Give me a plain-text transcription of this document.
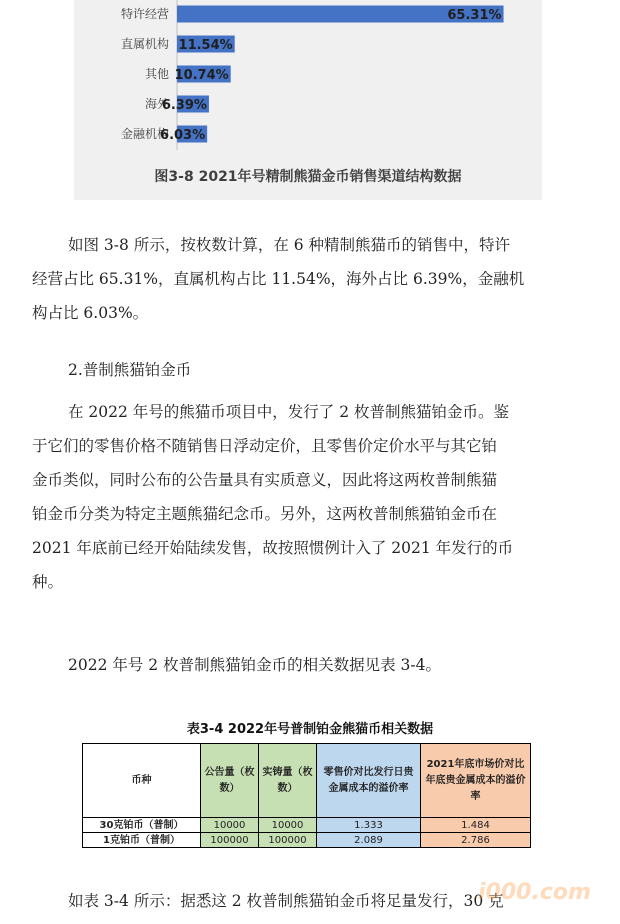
特许经营	65.31%
直属机构 11.54%
其他 10.74%
海外
6.39%
金融机构
6.03%
图3-8 2021年号精制熊猫金币销售渠道结构数据
如图 3-8 所示，按枚数计算，在 6 种精制熊猫币的销售中，特许
经营占比 65.31%，直属机构占比 11.54%，海外占比 6.39%，金融机
构占比 6.03%。
2.普制熊猫铂金币
在 2022 年号的熊猫币项目中，发行了 2 枚普制熊猫铂金币。鉴
于它们的零售价格不随销售日浮动定价，且零售价定价水平与其它铂
金币类似，同时公布的公告量具有实质意义，因此将这两枚普制熊猫
铂金币分类为特定主题熊猫纪念币。另外，这两枚普制熊猫铂金币在
2021 年底前已经开始陆续发售，故按照惯例计入了 2021 年发行的币
种。
2022 年号 2 枚普制熊猫铂金币的相关数据见表 3-4。
表3-4 2022年号普制铂金熊猫币相关数据
币种	公告量（枚数）	实铸量（枚数）	零售价对比发行日贵金属成本的溢价率	2021年底市场价对比年底贵金属成本的溢价率
30克铂币（普制）	10000	10000	1.333	1.484
1克铂币（普制）	100000	100000	2.089	2.786
如表 3-4 所示：据悉这 2 枚普制熊猫铂金币将足量发行，30 克
i000.com
